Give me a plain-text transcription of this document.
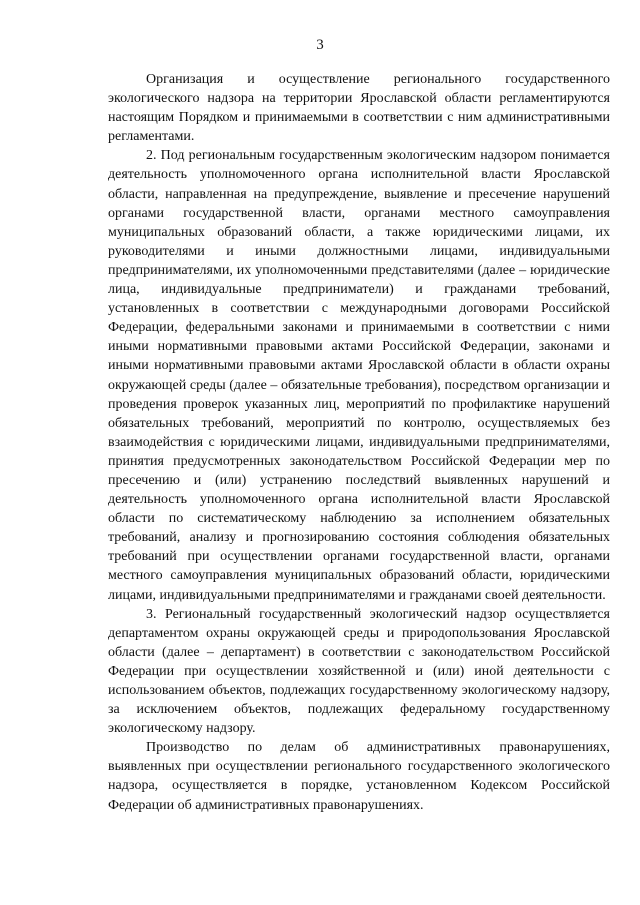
3

Организация и осуществление регионального государственного экологического надзора на территории Ярославской области регламентируются настоящим Порядком и принимаемыми в соответствии с ним административными регламентами.

2. Под региональным государственным экологическим надзором понимается деятельность уполномоченного органа исполнительной власти Ярославской области, направленная на предупреждение, выявление и пресечение нарушений органами государственной власти, органами местного самоуправления муниципальных образований области, а также юридическими лицами, их руководителями и иными должностными лицами, индивидуальными предпринимателями, их уполномоченными представителями (далее – юридические лица, индивидуальные предприниматели) и гражданами требований, установленных в соответствии с международными договорами Российской Федерации, федеральными законами и принимаемыми в соответствии с ними иными нормативными правовыми актами Российской Федерации, законами и иными нормативными правовыми актами Ярославской области в области охраны окружающей среды (далее – обязательные требования), посредством организации и проведения проверок указанных лиц, мероприятий по профилактике нарушений обязательных требований, мероприятий по контролю, осуществляемых без взаимодействия с юридическими лицами, индивидуальными предпринимателями, принятия предусмотренных законодательством Российской Федерации мер по пресечению и (или) устранению последствий выявленных нарушений и деятельность уполномоченного органа исполнительной власти Ярославской области по систематическому наблюдению за исполнением обязательных требований, анализу и прогнозированию состояния соблюдения обязательных требований при осуществлении органами государственной власти, органами местного самоуправления муниципальных образований области, юридическими лицами, индивидуальными предпринимателями и гражданами своей деятельности.

3. Региональный государственный экологический надзор осуществляется департаментом охраны окружающей среды и природопользования Ярославской области (далее – департамент) в соответствии с законодательством Российской Федерации при осуществлении хозяйственной и (или) иной деятельности с использованием объектов, подлежащих государственному экологическому надзору, за исключением объектов, подлежащих федеральному государственному экологическому надзору.

Производство по делам об административных правонарушениях, выявленных при осуществлении регионального государственного экологического надзора, осуществляется в порядке, установленном Кодексом Российской Федерации об административных правонарушениях.
